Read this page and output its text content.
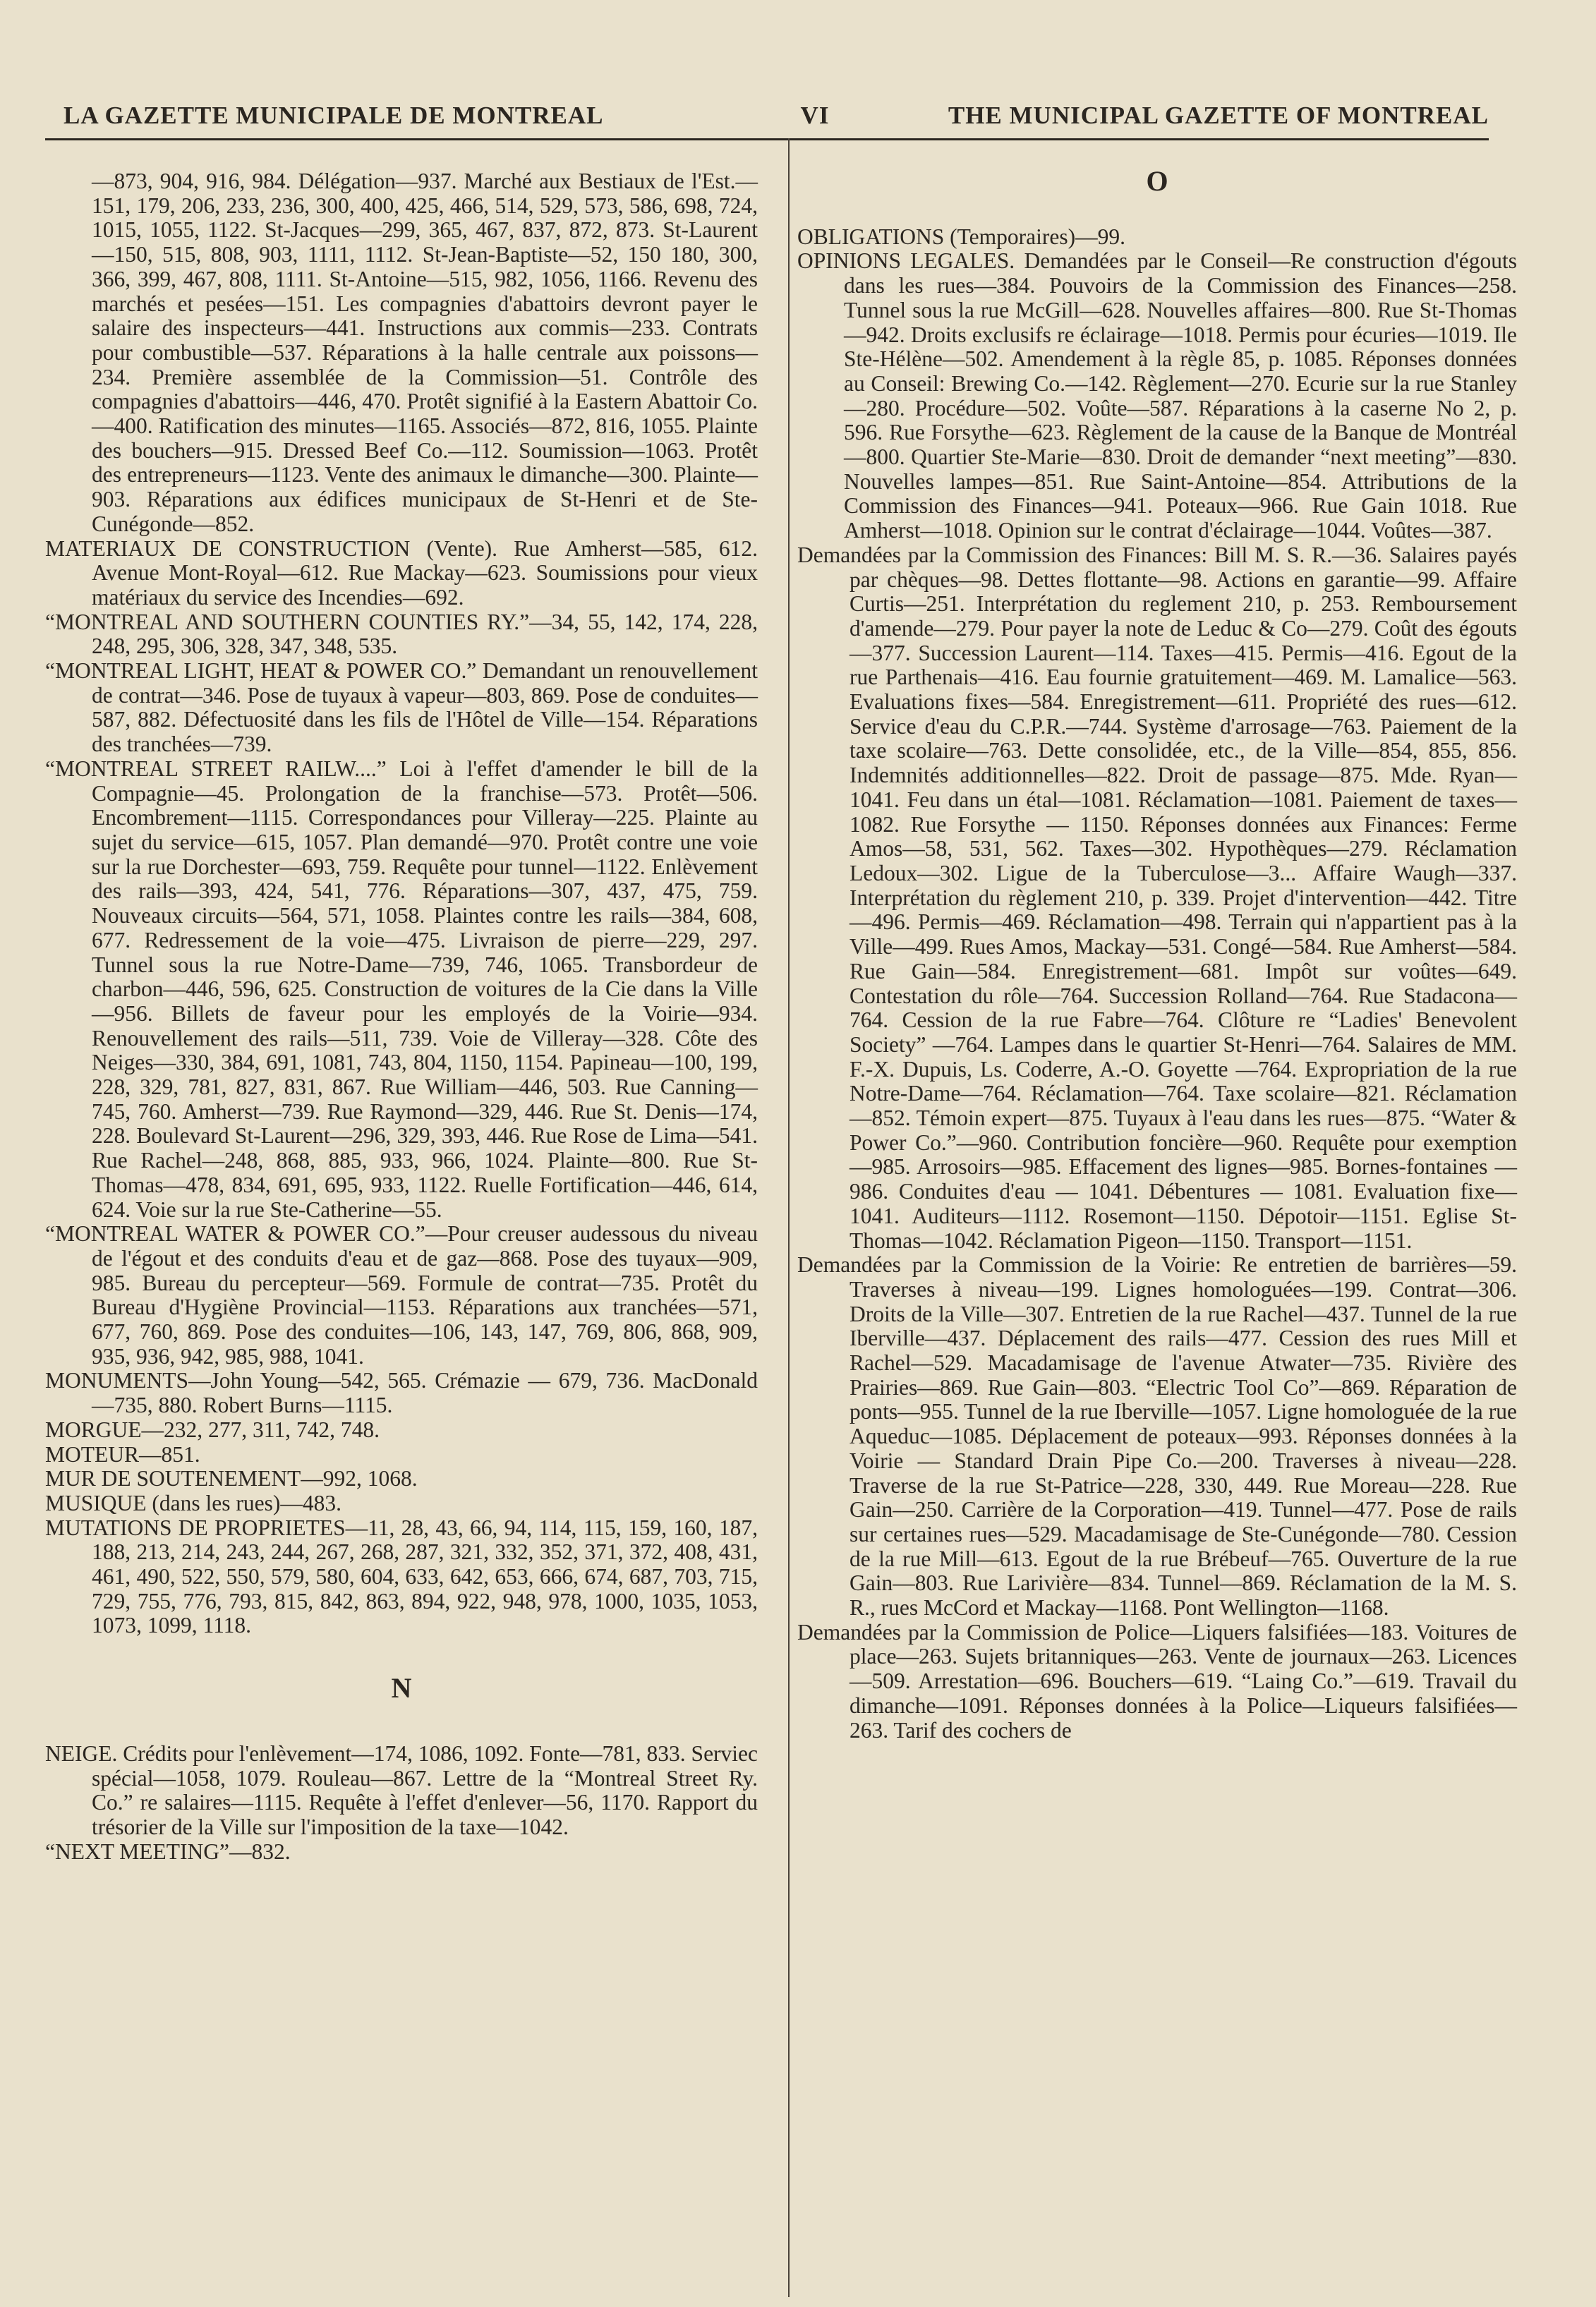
LA GAZETTE MUNICIPALE DE MONTREAL	VI	THE MUNICIPAL GAZETTE OF MONTREAL

—873, 904, 916, 984. Délégation—937. Marché aux Bestiaux de l'Est.—151, 179, 206, 233, 236, 300, 400, 425, 466, 514, 529, 573, 586, 698, 724, 1015, 1055, 1122. St-Jacques—299, 365, 467, 837, 872, 873. St-Laurent—150, 515, 808, 903, 1111, 1112. St-Jean-Baptiste—52, 150 180, 300, 366, 399, 467, 808, 1111. St-Antoine—515, 982, 1056, 1166. Revenu des marchés et pesées—151. Les compagnies d'abattoirs devront payer le salaire des inspecteurs—441. Instructions aux commis—233. Contrats pour combustible—537. Réparations à la halle centrale aux poissons—234. Première assemblée de la Commission—51. Contrôle des compagnies d'abattoirs—446, 470. Protêt signifié à la Eastern Abattoir Co.—400. Ratification des minutes—1165. Associés—872, 816, 1055. Plainte des bouchers—915. Dressed Beef Co.—112. Soumission—1063. Protêt des entrepreneurs—1123. Vente des animaux le dimanche—300. Plainte—903. Réparations aux édifices municipaux de St-Henri et de Ste-Cunégonde—852.

MATERIAUX DE CONSTRUCTION (Vente). Rue Amherst—585, 612. Avenue Mont-Royal—612. Rue Mackay—623. Soumissions pour vieux matériaux du service des Incendies—692.

“MONTREAL AND SOUTHERN COUNTIES RY.”—34, 55, 142, 174, 228, 248, 295, 306, 328, 347, 348, 535.

“MONTREAL LIGHT, HEAT & POWER CO.” Demandant un renouvellement de contrat—346. Pose de tuyaux à vapeur—803, 869. Pose de conduites—587, 882. Défectuosité dans les fils de l'Hôtel de Ville—154. Réparations des tranchées—739.

“MONTREAL STREET RAILW....” Loi à l'effet d'amender le bill de la Compagnie—45. Prolongation de la franchise—573. Protêt—506. Encombrement—1115. Correspondances pour Villeray—225. Plainte au sujet du service—615, 1057. Plan demandé—970. Protêt contre une voie sur la rue Dorchester—693, 759. Requête pour tunnel—1122. Enlèvement des rails—393, 424, 541, 776. Réparations—307, 437, 475, 759. Nouveaux circuits—564, 571, 1058. Plaintes contre les rails—384, 608, 677. Redressement de la voie—475. Livraison de pierre—229, 297. Tunnel sous la rue Notre-Dame—739, 746, 1065. Transbordeur de charbon—446, 596, 625. Construction de voitures de la Cie dans la Ville—956. Billets de faveur pour les employés de la Voirie—934. Renouvellement des rails—511, 739. Voie de Villeray—328. Côte des Neiges—330, 384, 691, 1081, 743, 804, 1150, 1154. Papineau—100, 199, 228, 329, 781, 827, 831, 867. Rue William—446, 503. Rue Canning—745, 760. Amherst—739. Rue Raymond—329, 446. Rue St. Denis—174, 228. Boulevard St-Laurent—296, 329, 393, 446. Rue Rose de Lima—541. Rue Rachel—248, 868, 885, 933, 966, 1024. Plainte—800. Rue St-Thomas—478, 834, 691, 695, 933, 1122. Ruelle Fortification—446, 614, 624. Voie sur la rue Ste-Catherine—55.

“MONTREAL WATER & POWER CO.”—Pour creuser audessous du niveau de l'égout et des conduits d'eau et de gaz—868. Pose des tuyaux—909, 985. Bureau du percepteur—569. Formule de contrat—735. Protêt du Bureau d'Hygiène Provincial—1153. Réparations aux tranchées—571, 677, 760, 869. Pose des conduites—106, 143, 147, 769, 806, 868, 909, 935, 936, 942, 985, 988, 1041.

MONUMENTS—John Young—542, 565. Crémazie — 679, 736. MacDonald—735, 880. Robert Burns—1115.

MORGUE—232, 277, 311, 742, 748.

MOTEUR—851.

MUR DE SOUTENEMENT—992, 1068.

MUSIQUE (dans les rues)—483.

MUTATIONS DE PROPRIETES—11, 28, 43, 66, 94, 114, 115, 159, 160, 187, 188, 213, 214, 243, 244, 267, 268, 287, 321, 332, 352, 371, 372, 408, 431, 461, 490, 522, 550, 579, 580, 604, 633, 642, 653, 666, 674, 687, 703, 715, 729, 755, 776, 793, 815, 842, 863, 894, 922, 948, 978, 1000, 1035, 1053, 1073, 1099, 1118.

N

NEIGE. Crédits pour l'enlèvement—174, 1086, 1092. Fonte—781, 833. Serviec spécial—1058, 1079. Rouleau—867. Lettre de la “Montreal Street Ry. Co.” re salaires—1115. Requête à l'effet d'enlever—56, 1170. Rapport du trésorier de la Ville sur l'imposition de la taxe—1042.

“NEXT MEETING”—832.

O

OBLIGATIONS (Temporaires)—99.

OPINIONS LEGALES. Demandées par le Conseil—Re construction d'égouts dans les rues—384. Pouvoirs de la Commission des Finances—258. Tunnel sous la rue McGill—628. Nouvelles affaires—800. Rue St-Thomas—942. Droits exclusifs re éclairage—1018. Permis pour écuries—1019. Ile Ste-Hélène—502. Amendement à la règle 85, p. 1085. Réponses données au Conseil: Brewing Co.—142. Règlement—270. Ecurie sur la rue Stanley—280. Procédure—502. Voûte—587. Réparations à la caserne No 2, p. 596. Rue Forsythe—623. Règlement de la cause de la Banque de Montréal—800. Quartier Ste-Marie—830. Droit de demander “next meeting”—830. Nouvelles lampes—851. Rue Saint-Antoine—854. Attributions de la Commission des Finances—941. Poteaux—966. Rue Gain 1018. Rue Amherst—1018. Opinion sur le contrat d'éclairage—1044. Voûtes—387.

Demandées par la Commission des Finances: Bill M. S. R.—36. Salaires payés par chèques—98. Dettes flottante—98. Actions en garantie—99. Affaire Curtis—251. Interprétation du reglement 210, p. 253. Remboursement d'amende—279. Pour payer la note de Leduc & Co—279. Coût des égouts—377. Succession Laurent—114. Taxes—415. Permis—416. Egout de la rue Parthenais—416. Eau fournie gratuitement—469. M. Lamalice—563. Evaluations fixes—584. Enregistrement—611. Propriété des rues—612. Service d'eau du C.P.R.—744. Système d'arrosage—763. Paiement de la taxe scolaire—763. Dette consolidée, etc., de la Ville—854, 855, 856. Indemnités additionnelles—822. Droit de passage—875. Mde. Ryan—1041. Feu dans un étal—1081. Réclamation—1081. Paiement de taxes—1082. Rue Forsythe — 1150. Réponses données aux Finances: Ferme Amos—58, 531, 562. Taxes—302. Hypothèques—279. Réclamation Ledoux—302. Ligue de la Tuberculose—3... Affaire Waugh—337. Interprétation du règlement 210, p. 339. Projet d'intervention—442. Titre—496. Permis—469. Réclamation—498. Terrain qui n'appartient pas à la Ville—499. Rues Amos, Mackay—531. Congé—584. Rue Amherst—584. Rue Gain—584. Enregistrement—681. Impôt sur voûtes—649. Contestation du rôle—764. Succession Rolland—764. Rue Stadacona—764. Cession de la rue Fabre—764. Clôture re “Ladies' Benevolent Society” —764. Lampes dans le quartier St-Henri—764. Salaires de MM. F.-X. Dupuis, Ls. Coderre, A.-O. Goyette —764. Expropriation de la rue Notre-Dame—764. Réclamation—764. Taxe scolaire—821. Réclamation—852. Témoin expert—875. Tuyaux à l'eau dans les rues—875. “Water & Power Co.”—960. Contribution foncière—960. Requête pour exemption—985. Arrosoirs—985. Effacement des lignes—985. Bornes-fontaines — 986. Conduites d'eau — 1041. Débentures — 1081. Evaluation fixe—1041. Auditeurs—1112. Rosemont—1150. Dépotoir—1151. Eglise St-Thomas—1042. Réclamation Pigeon—1150. Transport—1151.

Demandées par la Commission de la Voirie: Re entretien de barrières—59. Traverses à niveau—199. Lignes homologuées—199. Contrat—306. Droits de la Ville—307. Entretien de la rue Rachel—437. Tunnel de la rue Iberville—437. Déplacement des rails—477. Cession des rues Mill et Rachel—529. Macadamisage de l'avenue Atwater—735. Rivière des Prairies—869. Rue Gain—803. “Electric Tool Co”—869. Réparation de ponts—955. Tunnel de la rue Iberville—1057. Ligne homologuée de la rue Aqueduc—1085. Déplacement de poteaux—993. Réponses données à la Voirie — Standard Drain Pipe Co.—200. Traverses à niveau—228. Traverse de la rue St-Patrice—228, 330, 449. Rue Moreau—228. Rue Gain—250. Carrière de la Corporation—419. Tunnel—477. Pose de rails sur certaines rues—529. Macadamisage de Ste-Cunégonde—780. Cession de la rue Mill—613. Egout de la rue Brébeuf—765. Ouverture de la rue Gain—803. Rue Larivière—834. Tunnel—869. Réclamation de la M. S. R., rues McCord et Mackay—1168. Pont Wellington—1168.

Demandées par la Commission de Police—Liquers falsifiées—183. Voitures de place—263. Sujets britanniques—263. Vente de journaux—263. Licences—509. Arrestation—696. Bouchers—619. “Laing Co.”—619. Travail du dimanche—1091. Réponses données à la Police—Liqueurs falsifiées—263. Tarif des cochers de
